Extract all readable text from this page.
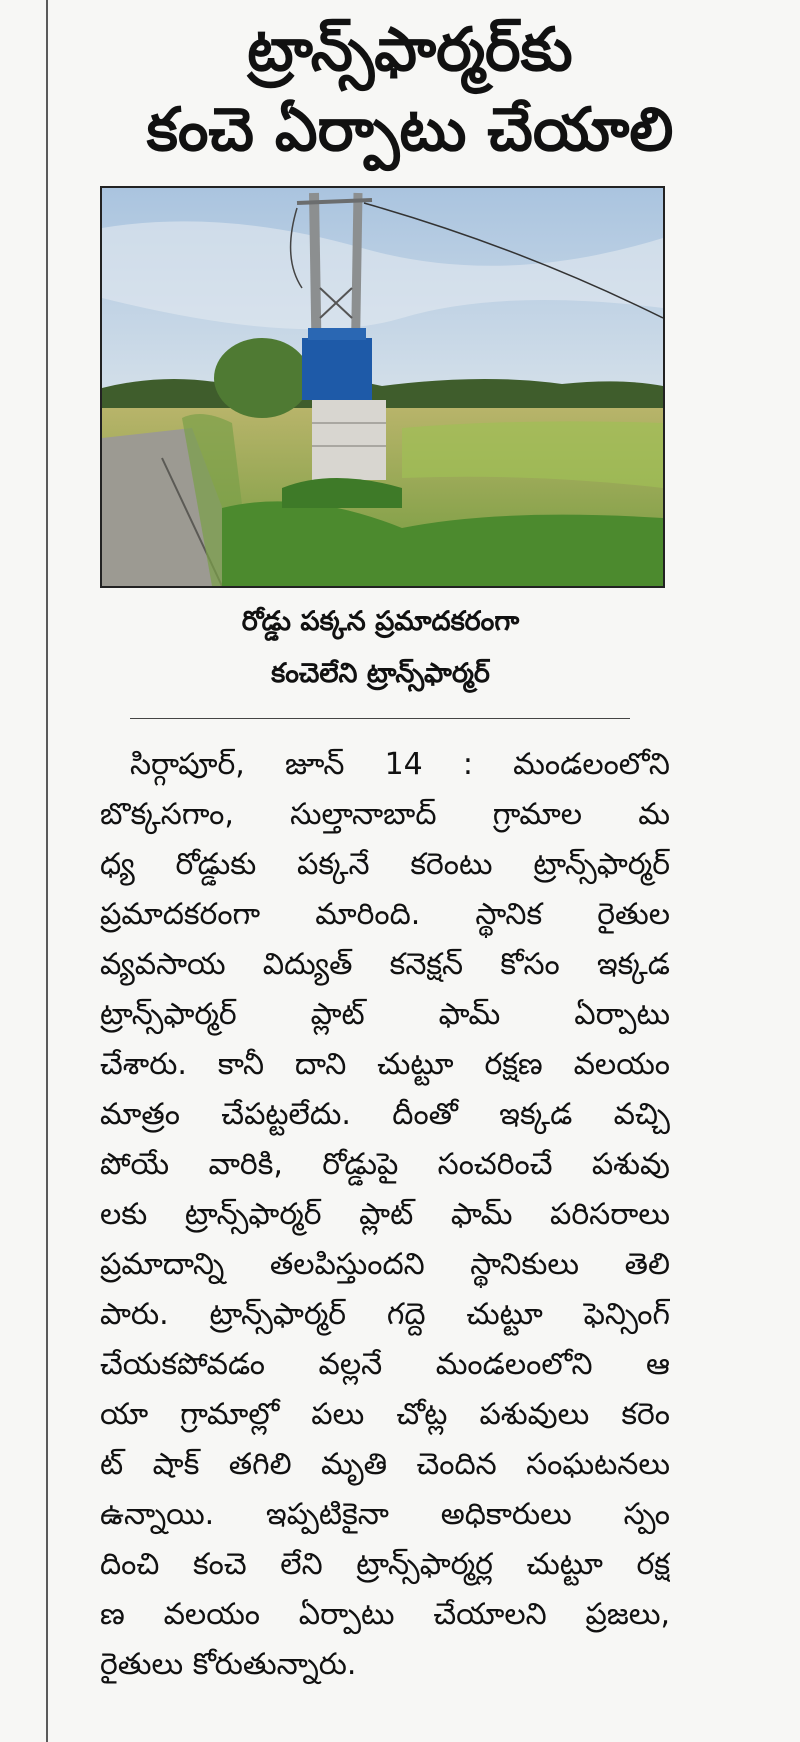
ట్రాన్స్‌ఫార్మర్‌కు
కంచె ఏర్పాటు చేయాలి
రోడ్డు పక్కన ప్రమాదకరంగా
కంచెలేని ట్రాన్స్‌ఫార్మర్
సిర్గాపూర్‌, జూన్ 14 : మండలంలోని
బొక్కసగాం, సుల్తానాబాద్ గ్రామాల మ
ధ్య రోడ్డుకు పక్కనే కరెంటు ట్రాన్స్‌ఫార్మర్
ప్రమాదకరంగా మారింది. స్థానిక రైతుల
వ్యవసాయ విద్యుత్ కనెక్షన్ కోసం ఇక్కడ
ట్రాన్స్‌ఫార్మర్ ప్లాట్ ఫామ్ ఏర్పాటు
చేశారు. కానీ దాని చుట్టూ రక్షణ వలయం
మాత్రం చేపట్టలేదు. దీంతో ఇక్కడ వచ్చి
పోయే వారికి, రోడ్డుపై సంచరించే పశువు
లకు ట్రాన్స్‌ఫార్మర్ ప్లాట్ ఫామ్ పరిసరాలు
ప్రమాదాన్ని తలపిస్తుందని స్థానికులు తెలి
పారు. ట్రాన్స్‌ఫార్మర్ గద్దె చుట్టూ ఫెన్సింగ్
చేయకపోవడం వల్లనే మండలంలోని ఆ
యా గ్రామాల్లో పలు చోట్ల పశువులు కరెం
ట్ షాక్ తగిలి మృతి చెందిన సంఘటనలు
ఉన్నాయి. ఇప్పటికైనా అధికారులు స్పం
దించి కంచె లేని ట్రాన్స్‌ఫార్మర్ల చుట్టూ రక్ష
ణ వలయం ఏర్పాటు చేయాలని ప్రజలు,
రైతులు కోరుతున్నారు.
